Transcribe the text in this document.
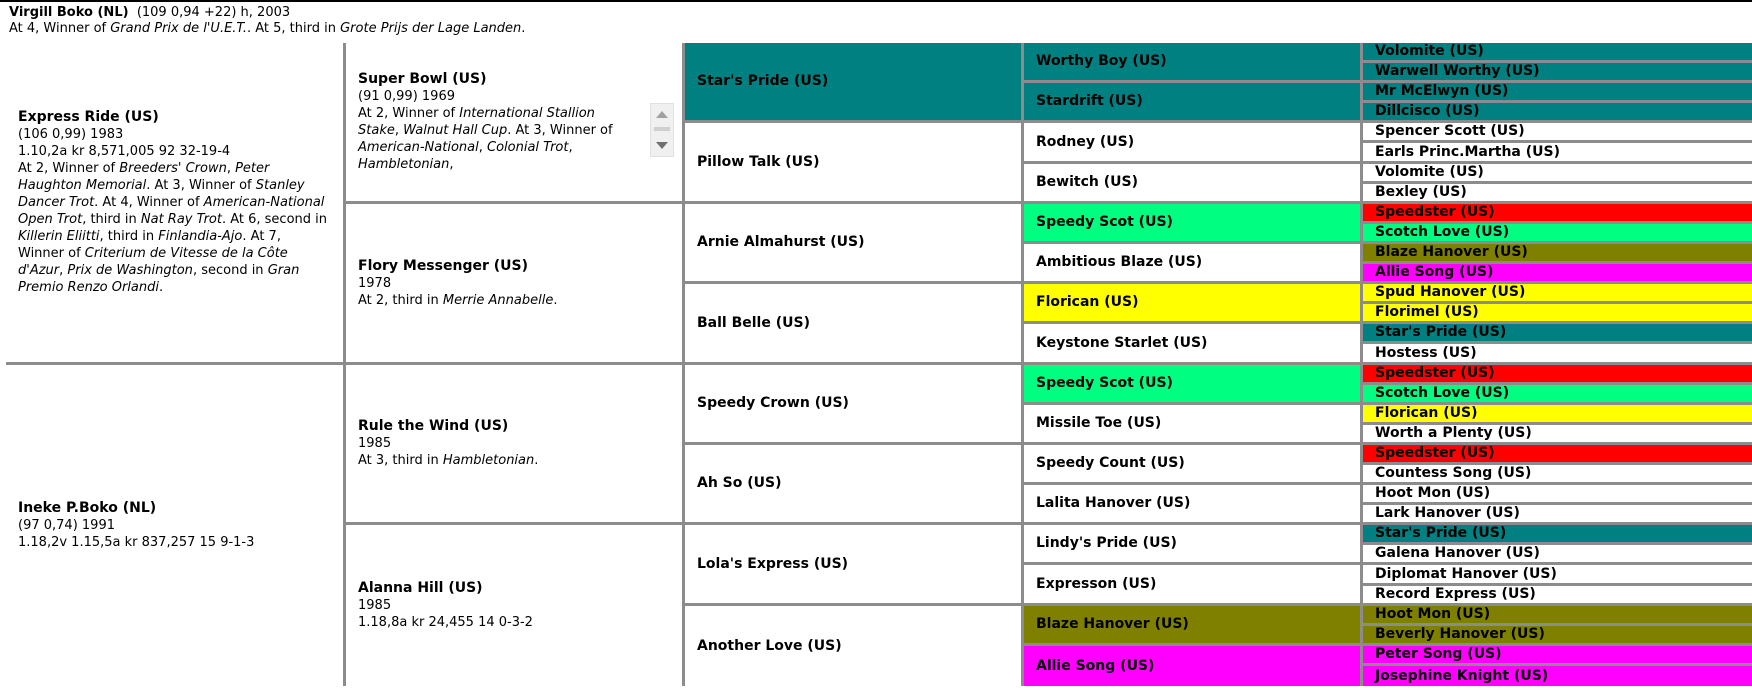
Virgill Boko (NL) (109 0,94 +22) h, 2003
At 4, Winner of Grand Prix de l'U.E.T.. At 5, third in Grote Prijs der Lage Landen.
Express Ride (US)
(106 0,99) 1983
1.10,2a kr 8,571,005 92 32-19-4
At 2, Winner of Breeders' Crown, Peter Haughton Memorial. At 3, Winner of Stanley Dancer Trot. At 4, Winner of American-National Open Trot, third in Nat Ray Trot. At 6, second in Killerin Eliitti, third in Finlandia-Ajo. At 7, Winner of Criterium de Vitesse de la Côte d'Azur, Prix de Washington, second in Gran Premio Renzo Orlandi.
Ineke P.Boko (NL)
(97 0,74) 1991
1.18,2v 1.15,5a kr 837,257 15 9-1-3
Super Bowl (US)
(91 0,99) 1969
At 2, Winner of International Stallion Stake, Walnut Hall Cup. At 3, Winner of American-National, Colonial Trot, Hambletonian,
Flory Messenger (US)
1978
At 2, third in Merrie Annabelle.
Rule the Wind (US)
1985
At 3, third in Hambletonian.
Alanna Hill (US)
1985
1.18,8a kr 24,455 14 0-3-2
Star's Pride (US)
Pillow Talk (US)
Arnie Almahurst (US)
Ball Belle (US)
Speedy Crown (US)
Ah So (US)
Lola's Express (US)
Another Love (US)
Worthy Boy (US)
Stardrift (US)
Rodney (US)
Bewitch (US)
Speedy Scot (US)
Ambitious Blaze (US)
Florican (US)
Keystone Starlet (US)
Speedy Scot (US)
Missile Toe (US)
Speedy Count (US)
Lalita Hanover (US)
Lindy's Pride (US)
Expresson (US)
Blaze Hanover (US)
Allie Song (US)
Volomite (US)
Warwell Worthy (US)
Mr McElwyn (US)
Dillcisco (US)
Spencer Scott (US)
Earls Princ.Martha (US)
Volomite (US)
Bexley (US)
Speedster (US)
Scotch Love (US)
Blaze Hanover (US)
Allie Song (US)
Spud Hanover (US)
Florimel (US)
Star's Pride (US)
Hostess (US)
Speedster (US)
Scotch Love (US)
Florican (US)
Worth a Plenty (US)
Speedster (US)
Countess Song (US)
Hoot Mon (US)
Lark Hanover (US)
Star's Pride (US)
Galena Hanover (US)
Diplomat Hanover (US)
Record Express (US)
Hoot Mon (US)
Beverly Hanover (US)
Peter Song (US)
Josephine Knight (US)
